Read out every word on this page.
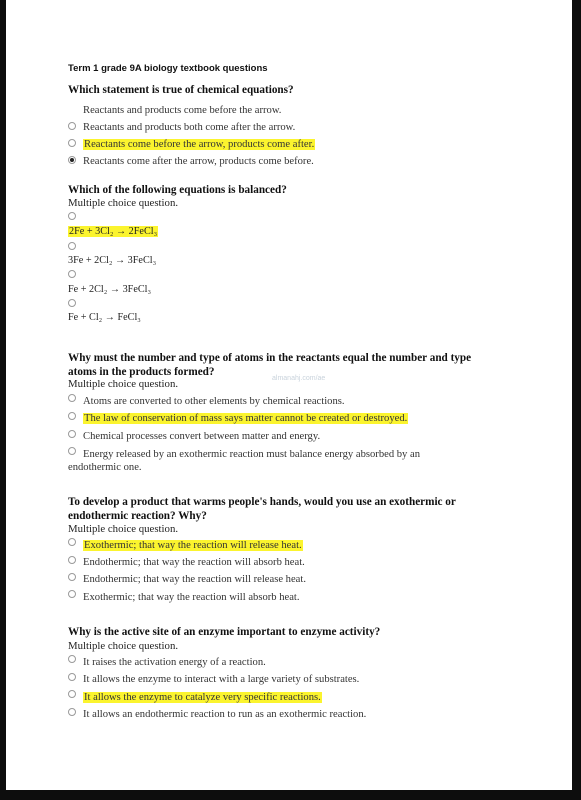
Term 1 grade 9A biology textbook questions
Which statement is true of chemical equations?
Reactants and products come before the arrow.
Reactants and products both come after the arrow.
Reactants come before the arrow, products come after.
Reactants come after the arrow, products come before.
Which of the following equations is balanced?
Multiple choice question.
2Fe + 3Cl₂ → 2FeCl₃
3Fe + 2Cl₂ → 3FeCl₃
Fe + 2Cl₂ → 3FeCl₃
Fe + Cl₂ → FeCl₃
Why must the number and type of atoms in the reactants equal the number and type atoms in the products formed?
Multiple choice question.	almanahj.com/ae
Atoms are converted to other elements by chemical reactions.
The law of conservation of mass says matter cannot be created or destroyed.
Chemical processes convert between matter and energy.
Energy released by an exothermic reaction must balance energy absorbed by an
endothermic one.
To develop a product that warms people's hands, would you use an exothermic or endothermic reaction? Why?
Multiple choice question.
Exothermic; that way the reaction will release heat.
Endothermic; that way the reaction will absorb heat.
Endothermic; that way the reaction will release heat.
Exothermic; that way the reaction will absorb heat.
Why is the active site of an enzyme important to enzyme activity?
Multiple choice question.
It raises the activation energy of a reaction.
It allows the enzyme to interact with a large variety of substrates.
It allows the enzyme to catalyze very specific reactions.
It allows an endothermic reaction to run as an exothermic reaction.
